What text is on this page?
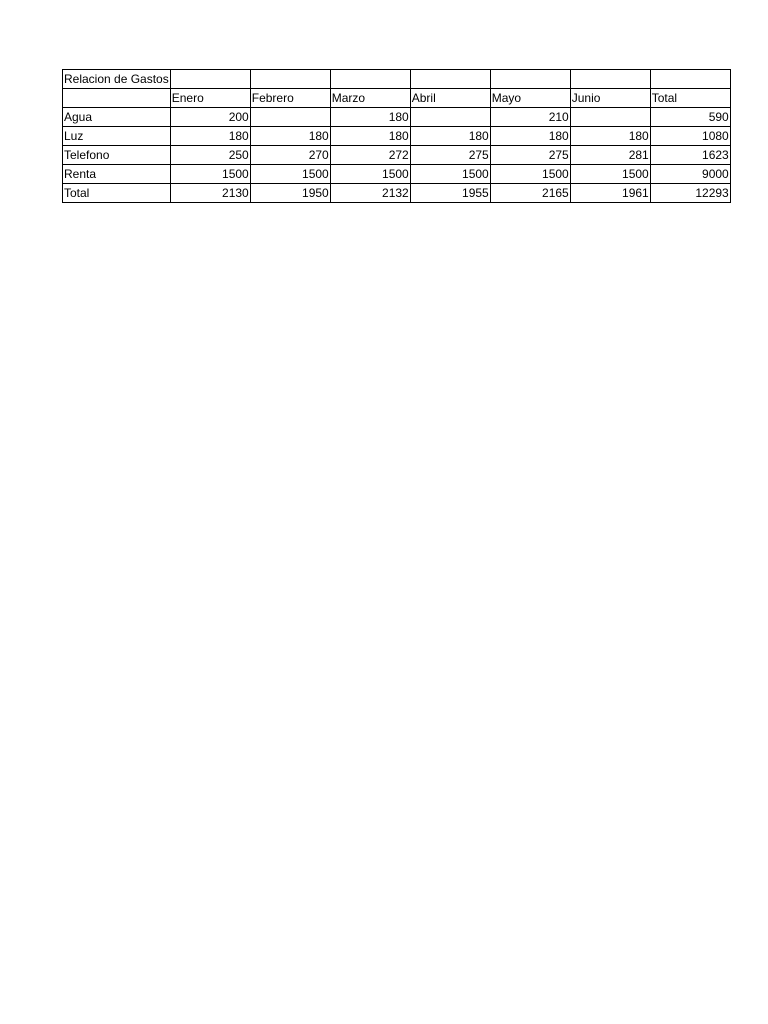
Relacion de Gastos							
	Enero	Febrero	Marzo	Abril	Mayo	Junio	Total
Agua	200		180		210		590
Luz	180	180	180	180	180	180	1080
Telefono	250	270	272	275	275	281	1623
Renta	1500	1500	1500	1500	1500	1500	9000
Total	2130	1950	2132	1955	2165	1961	12293
